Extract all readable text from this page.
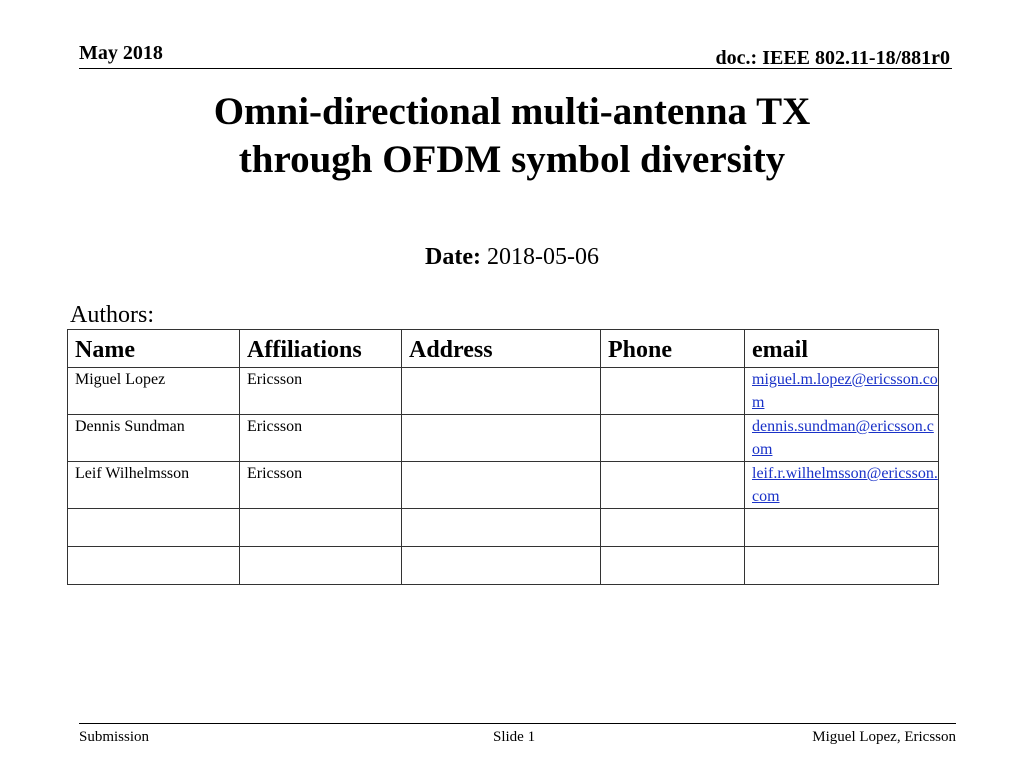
May 2018	doc.: IEEE 802.11-18/881r0
Omni-directional multi-antenna TX
through OFDM symbol diversity
Date: 2018-05-06
Authors:
Name	Affiliations	Address	Phone	email
Miguel Lopez	Ericsson			miguel.m.lopez@ericsson.com
Dennis Sundman	Ericsson			dennis.sundman@ericsson.com
Leif Wilhelmsson	Ericsson			leif.r.wilhelmsson@ericsson.com

Submission	Slide 1	Miguel Lopez, Ericsson
